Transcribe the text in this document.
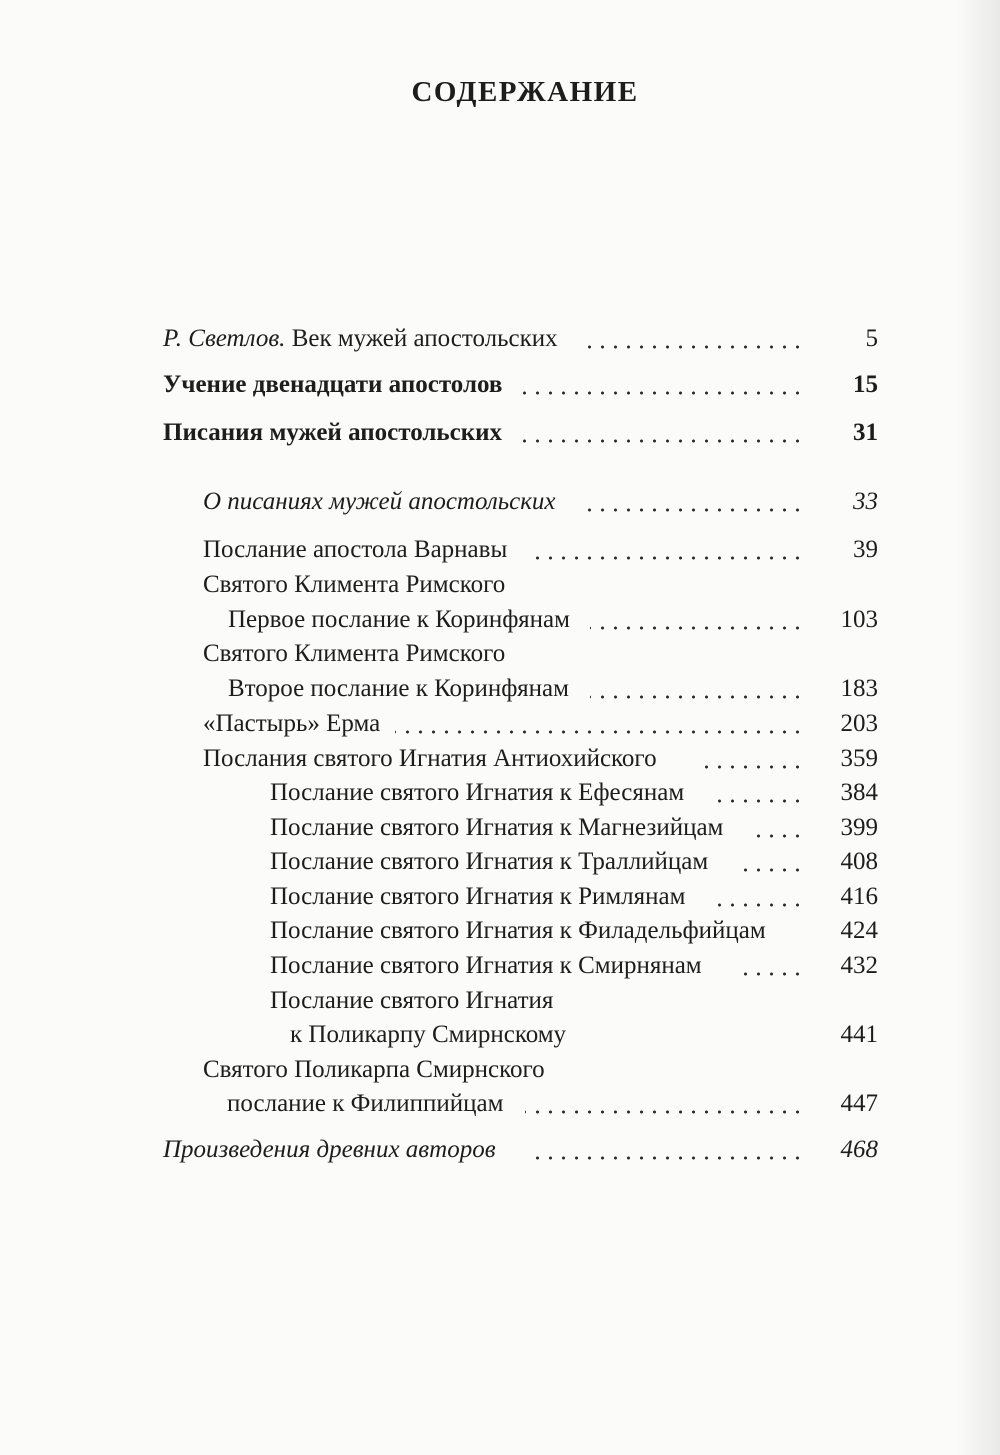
СОДЕРЖАНИЕ
Р. Светлов. Век мужей апостольских	5
Учение двенадцати апостолов	15
Писания мужей апостольских	31
О писаниях мужей апостольских	33
Послание апостола Варнавы	39
Святого Климента Римского
Первое послание к Коринфянам	103
Святого Климента Римского
Второе послание к Коринфянам	183
«Пастырь» Ерма	203
Послания святого Игнатия Антиохийского	359
Послание святого Игнатия к Ефесянам	384
Послание святого Игнатия к Магнезийцам	399
Послание святого Игнатия к Траллийцам	408
Послание святого Игнатия к Римлянам	416
Послание святого Игнатия к Филадельфийцам	424
Послание святого Игнатия к Смирнянам	432
Послание святого Игнатия
к Поликарпу Смирнскому	441
Святого Поликарпа Смирнского
послание к Филиппийцам	447
Произведения древних авторов	468
